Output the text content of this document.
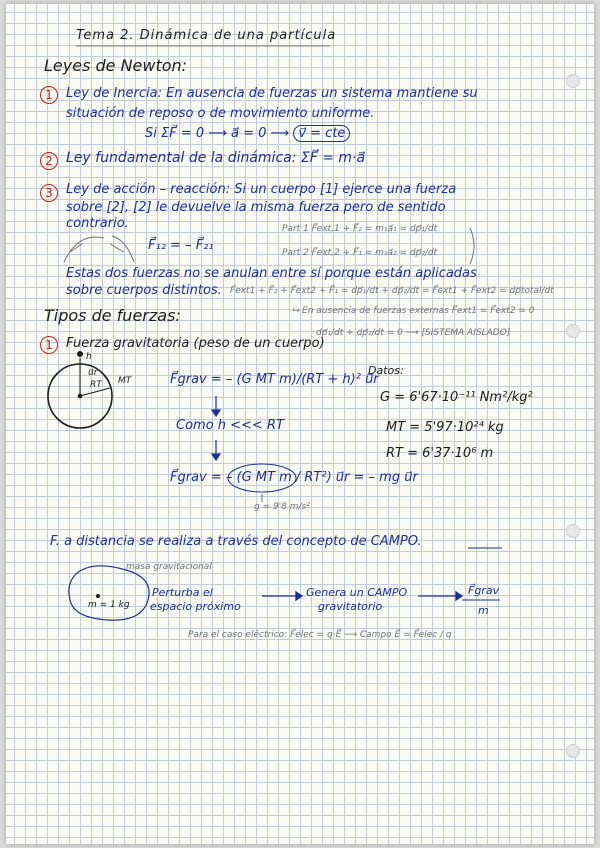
Tema 2. Dinámica de una partícula
Leyes de Newton:
1	Ley de Inercia: En ausencia de fuerzas un sistema mantiene su
situación de reposo o de movimiento uniforme.
Si ΣF⃗ = 0 ⟶ a⃗ = 0 ⟶ v⃗ = cte
2 Ley fundamental de la dinámica: ΣF⃗ = m·a⃗
3	Ley de acción – reacción: Si un cuerpo [1] ejerce una fuerza
sobre [2], [2] le devuelve la misma fuerza pero de sentido
contrario.
F⃗₁₂ = – F⃗₂₁
Part 1 F⃗ext,1 + F⃗₂ = m₁a⃗₁ = dp⃗₁/dt
Part 2 F⃗ext,2 + F⃗₁ = m₂a⃗₂ = dp⃗₂/dt
F⃗ext1 + F⃗₂ + F⃗ext2 + F⃗₁ = dp⃗₁/dt + dp⃗₂/dt = F⃗ext1 + F⃗ext2 = dp⃗total/dt
Estas dos fuerzas no se anulan entre sí porque están aplicadas
sobre cuerpos distintos.
⮡ En ausencia de fuerzas externas F⃗ext1 = F⃗ext2 = 0
dp⃗₁/dt + dp⃗₂/dt = 0 ⟶ [SISTEMA AISLADO]
Tipos de fuerzas:
1	Fuerza gravitatoria (peso de un cuerpo)
h
u⃗r
RT MT	F⃗grav = – (G MT m)/(RT + h)² u⃗r
Como h <<< RT
F⃗grav = – (G MT m / RT²) u⃗r = – mg u⃗r
g = 9'8 m/s²
Datos:
G = 6'67·10⁻¹¹ Nm²/kg²
MT = 5'97·10²⁴ kg
RT = 6'37·10⁶ m
F. a distancia se realiza a través del concepto de CAMPO.
masa gravitacional
m = 1 kg
Perturba el
espacio próximo
Genera un CAMPO
gravitatorio
F⃗grav
m
Para el caso eléctrico: F⃗elec = q·E⃗ ⟶ Campo E⃗ = F⃗elec / q
